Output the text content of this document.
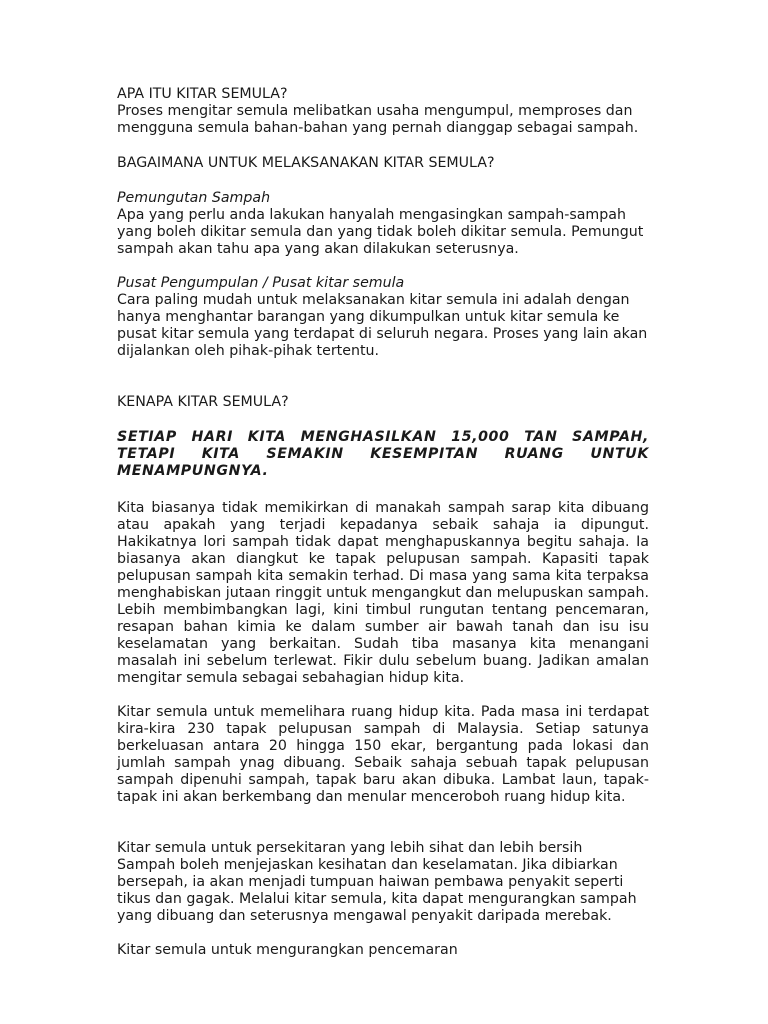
APA ITU KITAR SEMULA?

Proses mengitar semula melibatkan usaha mengumpul, memproses dan mengguna semula bahan-bahan yang pernah dianggap sebagai sampah.

BAGAIMANA UNTUK MELAKSANAKAN KITAR SEMULA?

Pemungutan Sampah

Apa yang perlu anda lakukan hanyalah mengasingkan sampah-sampah yang boleh dikitar semula dan yang tidak boleh dikitar semula. Pemungut sampah akan tahu apa yang akan dilakukan seterusnya.

Pusat Pengumpulan / Pusat kitar semula

Cara paling mudah untuk melaksanakan kitar semula ini adalah dengan hanya menghantar barangan yang dikumpulkan untuk kitar semula ke pusat kitar semula yang terdapat di seluruh negara. Proses yang lain akan dijalankan oleh pihak-pihak tertentu.

KENAPA KITAR SEMULA?

SETIAP HARI KITA MENGHASILKAN 15,000 TAN SAMPAH, TETAPI KITA SEMAKIN KESEMPITAN RUANG UNTUK MENAMPUNGNYA.

Kita biasanya tidak memikirkan di manakah sampah sarap kita dibuang atau apakah yang terjadi kepadanya sebaik sahaja ia dipungut. Hakikatnya lori sampah tidak dapat menghapuskannya begitu sahaja. Ia biasanya akan diangkut ke tapak pelupusan sampah. Kapasiti tapak pelupusan sampah kita semakin terhad. Di masa yang sama kita terpaksa menghabiskan jutaan ringgit untuk mengangkut dan melupuskan sampah. Lebih membimbangkan lagi, kini timbul rungutan tentang pencemaran, resapan bahan kimia ke dalam sumber air bawah tanah dan isu isu keselamatan yang berkaitan. Sudah tiba masanya kita menangani masalah ini sebelum terlewat. Fikir dulu sebelum buang. Jadikan amalan mengitar semula sebagai sebahagian hidup kita.

Kitar semula untuk memelihara ruang hidup kita. Pada masa ini terdapat kira-kira 230 tapak pelupusan sampah di Malaysia. Setiap satunya berkeluasan antara 20 hingga 150 ekar, bergantung pada lokasi dan jumlah sampah ynag dibuang. Sebaik sahaja sebuah tapak pelupusan sampah dipenuhi sampah, tapak baru akan dibuka. Lambat laun, tapak-tapak ini akan berkembang dan menular menceroboh ruang hidup kita.

Kitar semula untuk persekitaran yang lebih sihat dan lebih bersih

Sampah boleh menjejaskan kesihatan dan keselamatan. Jika dibiarkan bersepah, ia akan menjadi tumpuan haiwan pembawa penyakit seperti tikus dan gagak. Melalui kitar semula, kita dapat mengurangkan sampah yang dibuang dan seterusnya mengawal penyakit daripada merebak.

Kitar semula untuk mengurangkan pencemaran
